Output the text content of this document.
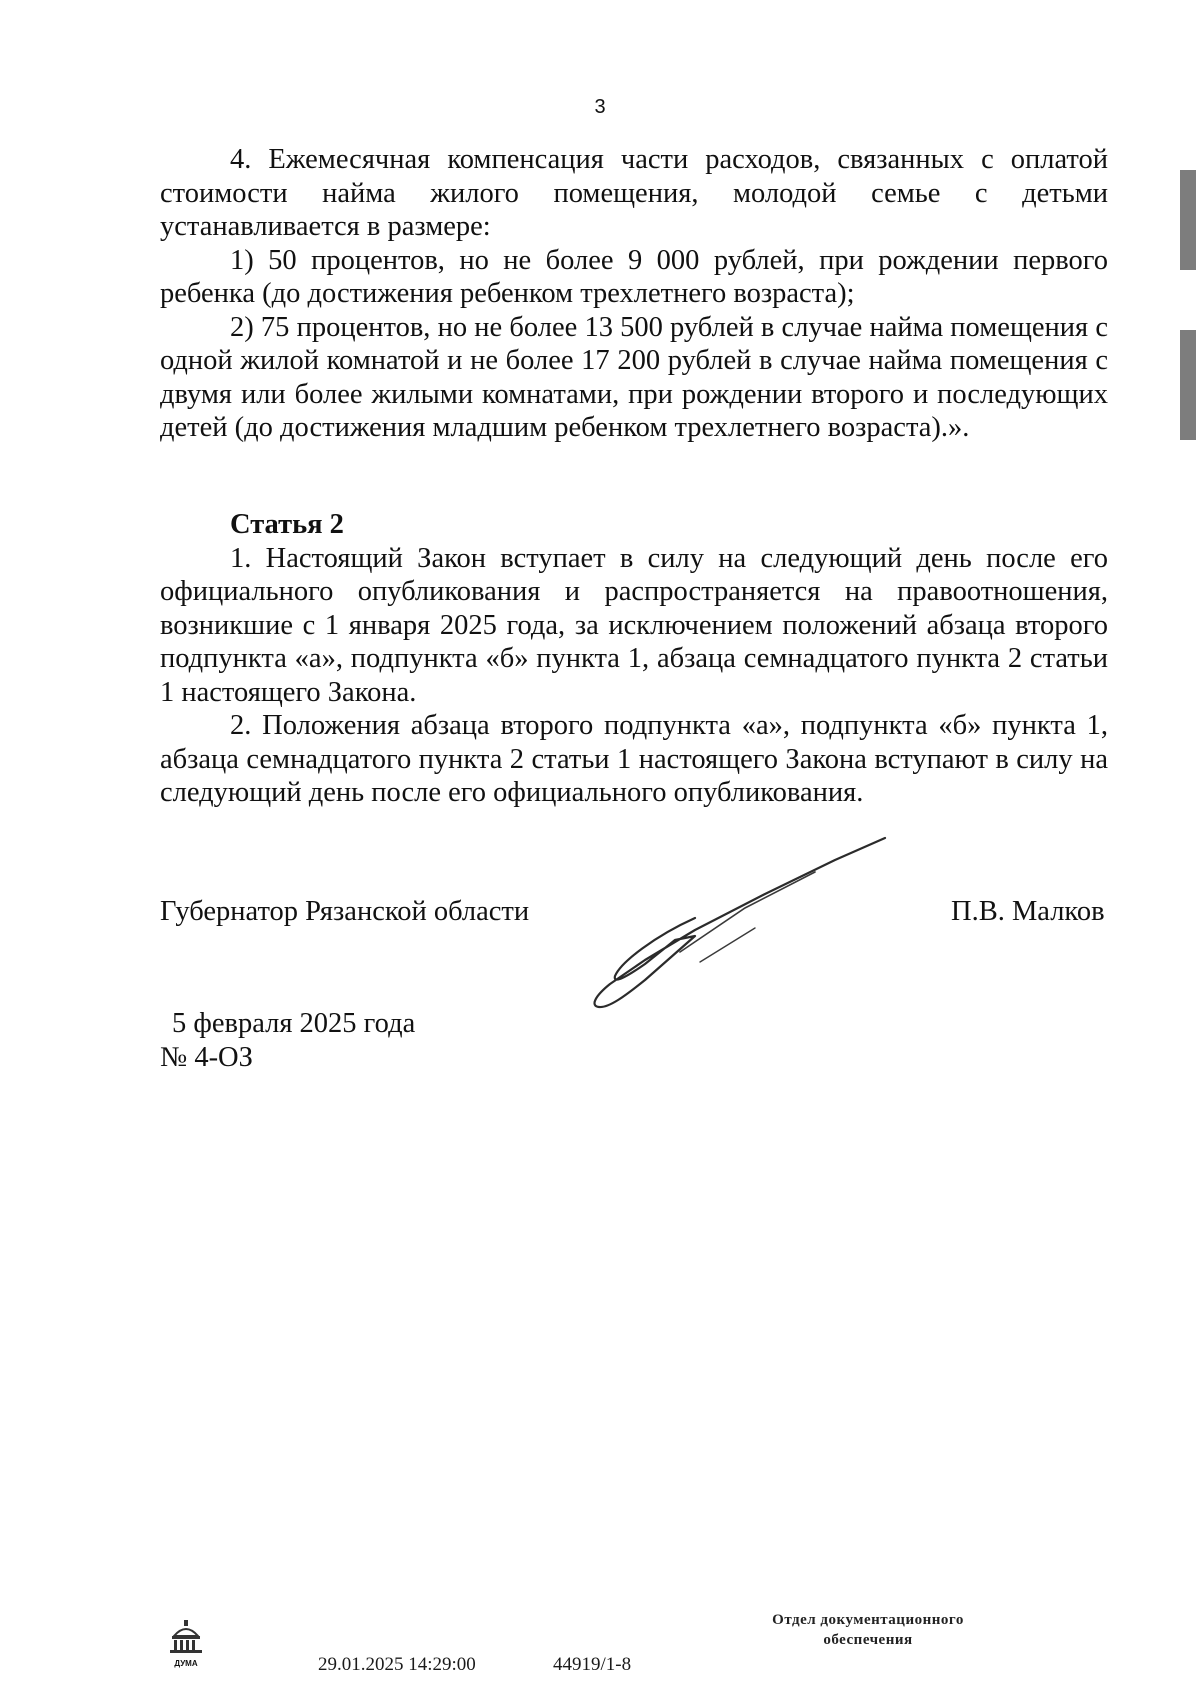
3

4. Ежемесячная компенсация части расходов, связанных с оплатой стоимости найма жилого помещения, молодой семье с детьми устанавливается в размере:

1) 50 процентов, но не более 9 000 рублей, при рождении первого ребенка (до достижения ребенком трехлетнего возраста);

2) 75 процентов, но не более 13 500 рублей в случае найма помещения с одной жилой комнатой и не более 17 200 рублей в случае найма помещения с двумя или более жилыми комнатами, при рождении второго и последующих детей (до достижения младшим ребенком трехлетнего возраста).».

Статья 2

1. Настоящий Закон вступает в силу на следующий день после его официального опубликования и распространяется на правоотношения, возникшие с 1 января 2025 года, за исключением положений абзаца второго подпункта «а», подпункта «б» пункта 1, абзаца семнадцатого пункта 2 статьи 1 настоящего Закона.

2. Положения абзаца второго подпункта «а», подпункта «б» пункта 1, абзаца семнадцатого пункта 2 статьи 1 настоящего Закона вступают в силу на следующий день после его официального опубликования.

Губернатор Рязанской области	П.В. Малков
5 февраля 2025 года
№ 4-ОЗ
ДУМА	29.01.2025 14:29:00	44919/1-8
Отдел документационного
обеспечения
